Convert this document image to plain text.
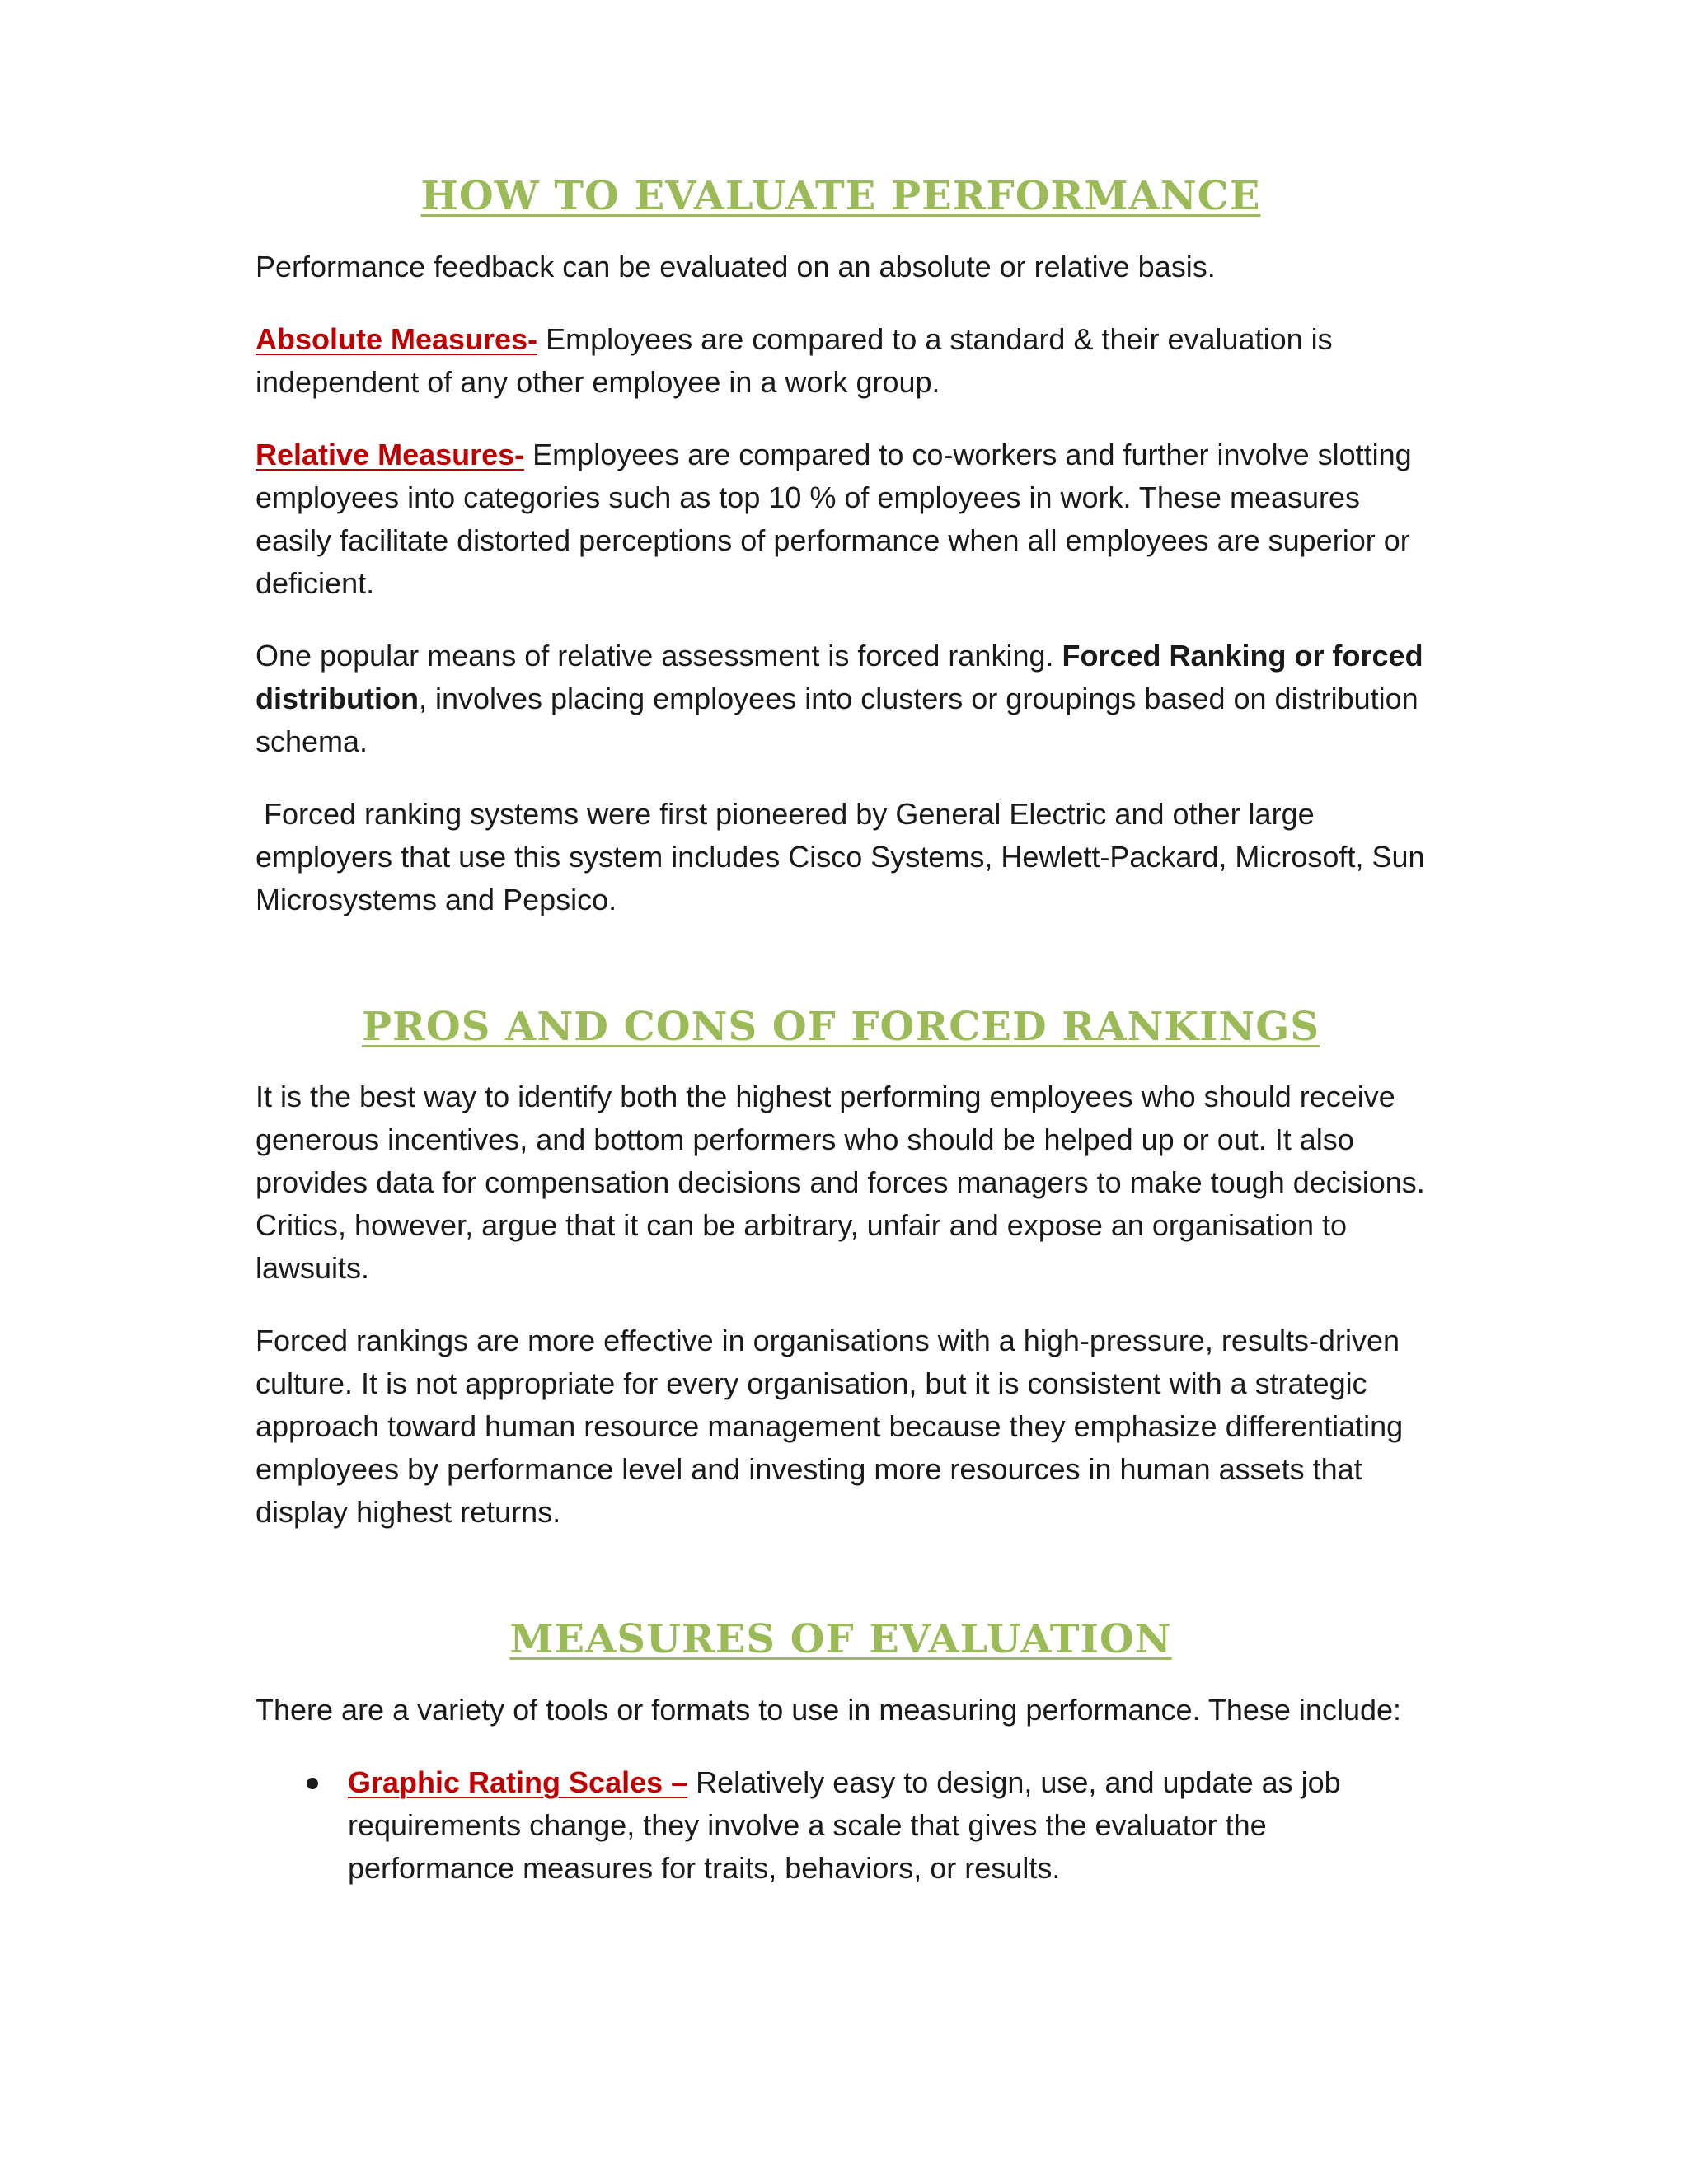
HOW TO EVALUATE PERFORMANCE

Performance feedback can be evaluated on an absolute or relative basis.

Absolute Measures- Employees are compared to a standard & their evaluation is independent of any other employee in a work group.

Relative Measures- Employees are compared to co-workers and further involve slotting employees into categories such as top 10 % of employees in work. These measures easily facilitate distorted perceptions of performance when all employees are superior or deficient.

One popular means of relative assessment is forced ranking. Forced Ranking or forced distribution, involves placing employees into clusters or groupings based on distribution schema.

Forced ranking systems were first pioneered by General Electric and other large employers that use this system includes Cisco Systems, Hewlett-Packard, Microsoft, Sun Microsystems and Pepsico.

PROS AND CONS OF FORCED RANKINGS

It is the best way to identify both the highest performing employees who should receive generous incentives, and bottom performers who should be helped up or out. It also provides data for compensation decisions and forces managers to make tough decisions. Critics, however, argue that it can be arbitrary, unfair and expose an organisation to lawsuits.

Forced rankings are more effective in organisations with a high-pressure, results-driven culture. It is not appropriate for every organisation, but it is consistent with a strategic approach toward human resource management because they emphasize differentiating employees by performance level and investing more resources in human assets that display highest returns.

MEASURES OF EVALUATION

There are a variety of tools or formats to use in measuring performance. These include:

Graphic Rating Scales – Relatively easy to design, use, and update as job requirements change, they involve a scale that gives the evaluator the performance measures for traits, behaviors, or results.
